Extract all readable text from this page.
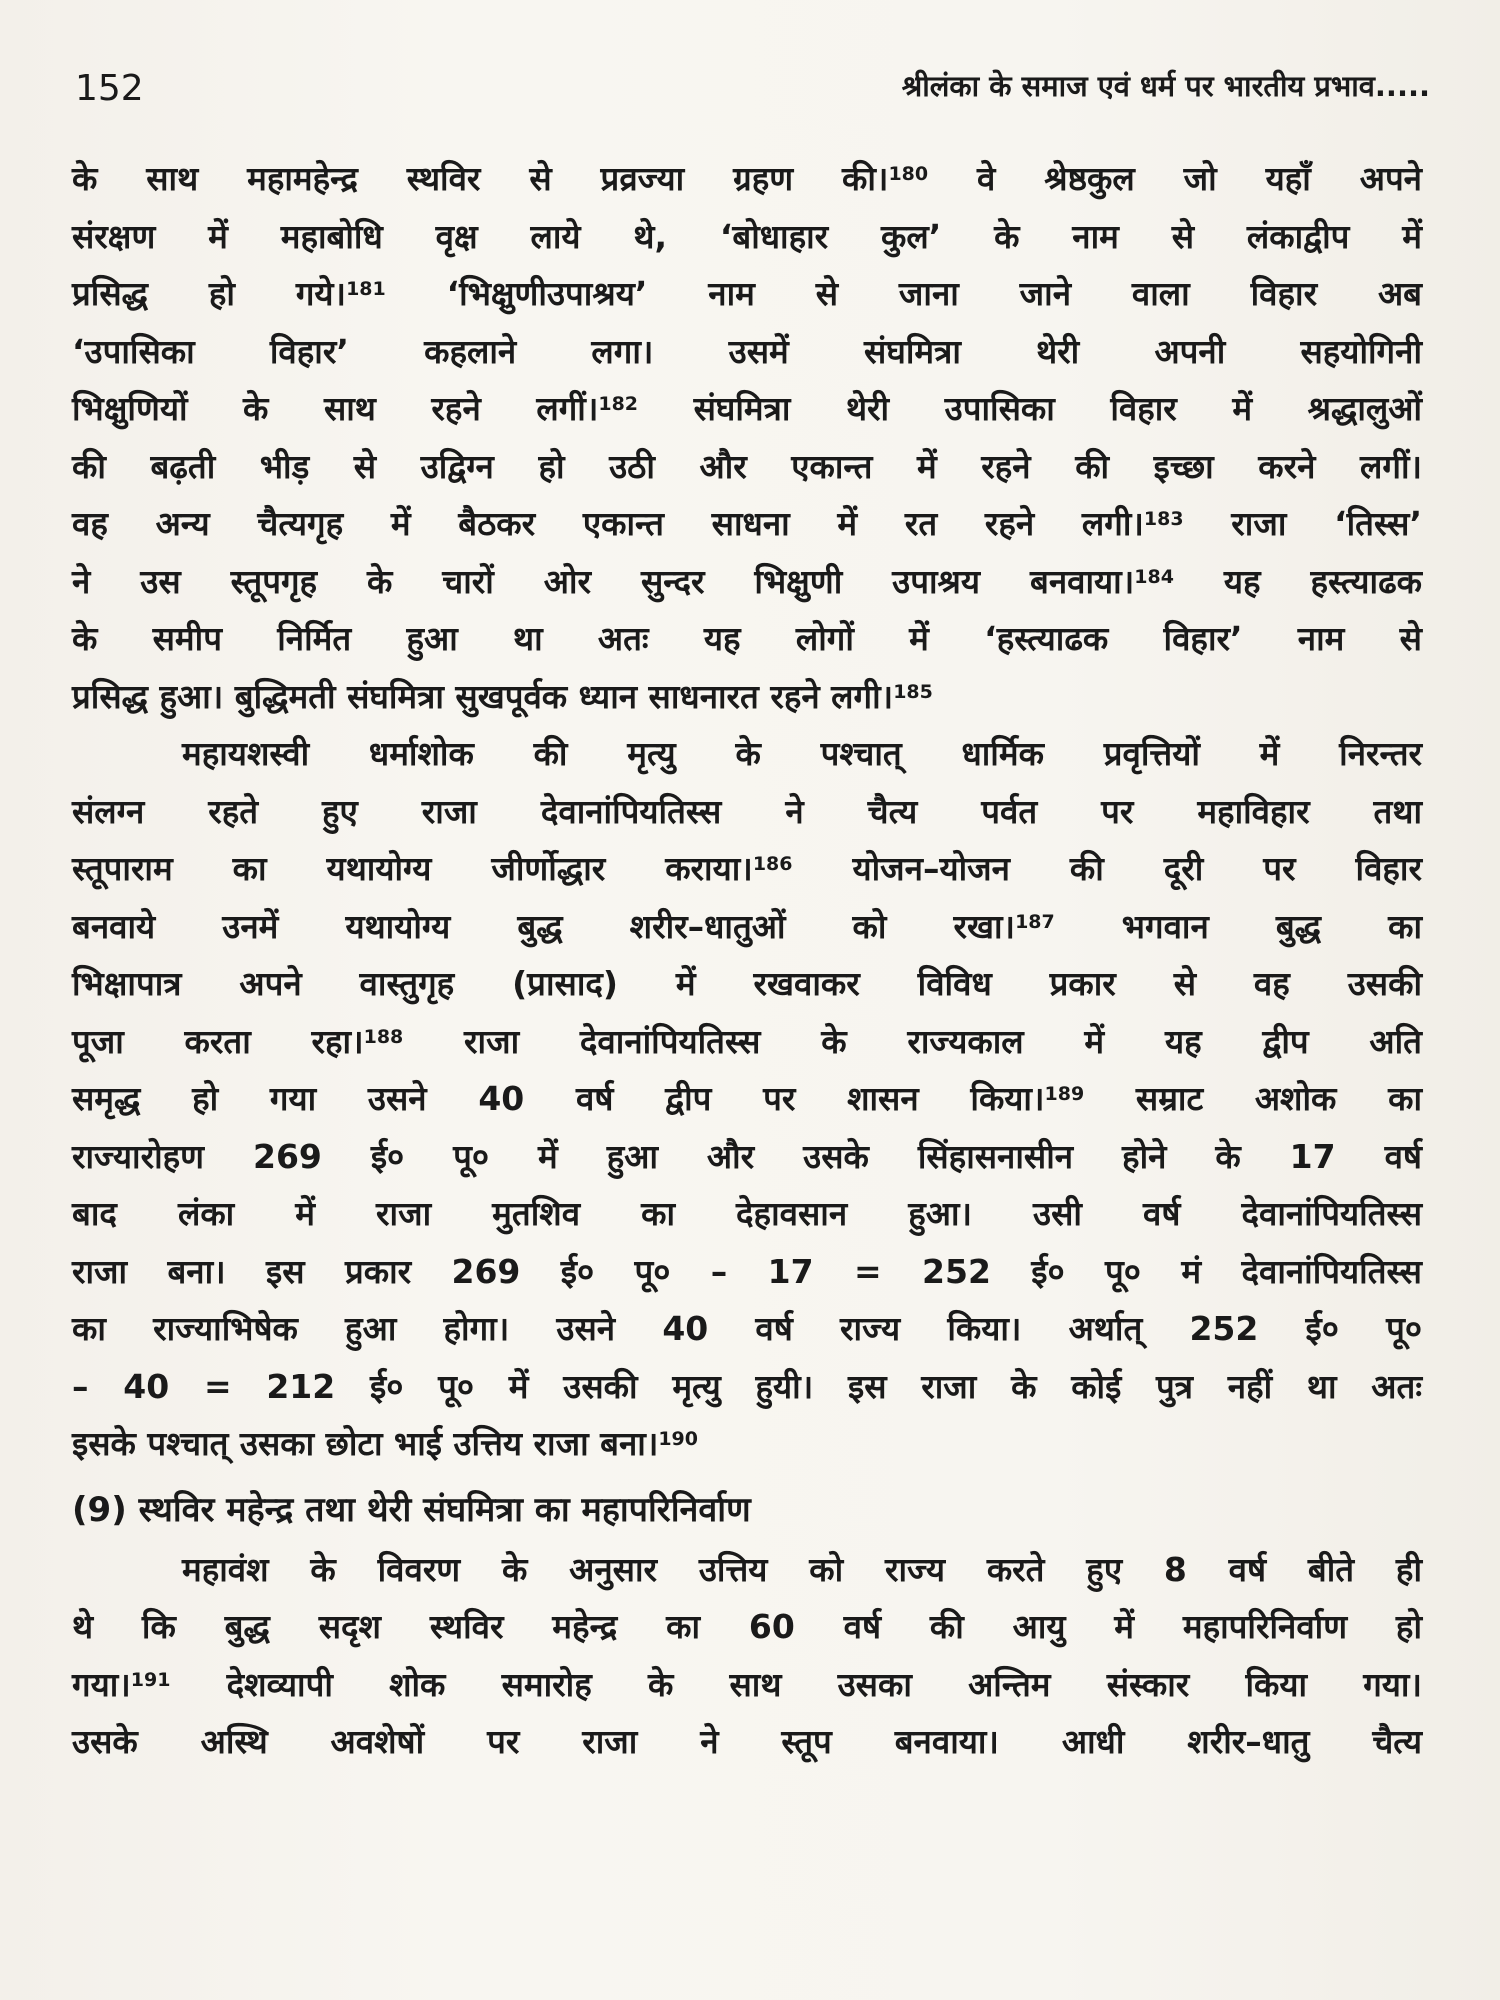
152	श्रीलंका के समाज एवं धर्म पर भारतीय प्रभाव.....
के साथ महामहेन्द्र स्थविर से प्रव्रज्या ग्रहण की।$^{180}$ वे श्रेष्ठकुल जो यहाँ अपने
संरक्षण में महाबोधि वृक्ष लाये थे, ‘बोधाहार कुल’ के नाम से लंकाद्वीप में
प्रसिद्ध हो गये।$^{181}$ ‘भिक्षुणीउपाश्रय’ नाम से जाना जाने वाला विहार अब
‘उपासिका विहार’ कहलाने लगा। उसमें संघमित्रा थेरी अपनी सहयोगिनी
भिक्षुणियों के साथ रहने लगीं।$^{182}$ संघमित्रा थेरी उपासिका विहार में श्रद्धालुओं
की बढ़ती भीड़ से उद्विग्न हो उठी और एकान्त में रहने की इच्छा करने लगीं।
वह अन्य चैत्यगृह में बैठकर एकान्त साधना में रत रहने लगी।$^{183}$ राजा ‘तिस्स’
ने उस स्तूपगृह के चारों ओर सुन्दर भिक्षुणी उपाश्रय बनवाया।$^{184}$ यह हस्त्याढक
के समीप निर्मित हुआ था अतः यह लोगों में ‘हस्त्याढक विहार’ नाम से
प्रसिद्ध हुआ। बुद्धिमती संघमित्रा सुखपूर्वक ध्यान साधनारत रहने लगी।$^{185}$
महायशस्वी धर्माशोक की मृत्यु के पश्चात् धार्मिक प्रवृत्तियों में निरन्तर
संलग्न रहते हुए राजा देवानांपियतिस्स ने चैत्य पर्वत पर महाविहार तथा
स्तूपाराम का यथायोग्य जीर्णोद्धार कराया।$^{186}$ योजन–योजन की दूरी पर विहार
बनवाये उनमें यथायोग्य बुद्ध शरीर–धातुओं को रखा।$^{187}$ भगवान बुद्ध का
भिक्षापात्र अपने वास्तुगृह (प्रासाद) में रखवाकर विविध प्रकार से वह उसकी
पूजा करता रहा।$^{188}$ राजा देवानांपियतिस्स के राज्यकाल में यह द्वीप अति
समृद्ध हो गया उसने 40 वर्ष द्वीप पर शासन किया।$^{189}$ सम्राट अशोक का
राज्यारोहण 269 ई० पू० में हुआ और उसके सिंहासनासीन होने के 17 वर्ष
बाद लंका में राजा मुतशिव का देहावसान हुआ। उसी वर्ष देवानांपियतिस्स
राजा बना। इस प्रकार 269 ई० पू० – 17 = 252 ई० पू० मं देवानांपियतिस्स
का राज्याभिषेक हुआ होगा। उसने 40 वर्ष राज्य किया। अर्थात् 252 ई० पू०
– 40 = 212 ई० पू० में उसकी मृत्यु हुयी। इस राजा के कोई पुत्र नहीं था अतः
इसके पश्चात् उसका छोटा भाई उत्तिय राजा बना।$^{190}$
(9) स्थविर महेन्द्र तथा थेरी संघमित्रा का महापरिनिर्वाण
महावंश के विवरण के अनुसार उत्तिय को राज्य करते हुए 8 वर्ष बीते ही
थे कि बुद्ध सदृश स्थविर महेन्द्र का 60 वर्ष की आयु में महापरिनिर्वाण हो
गया।$^{191}$ देशव्यापी शोक समारोह के साथ उसका अन्तिम संस्कार किया गया।
उसके अस्थि अवशेषों पर राजा ने स्तूप बनवाया। आधी शरीर–धातु चैत्य
